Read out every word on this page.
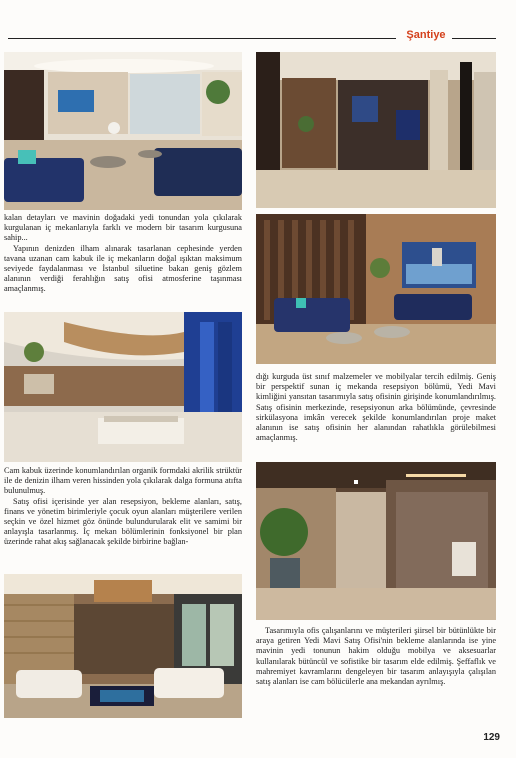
Şantiye

kalan detayları ve mavinin doğadaki yedi tonundan yola çıkılarak kurgulanan iç mekanlarıyla farklı ve modern bir tasarım kurgusuna sahip...

Yapının denizden ilham alınarak tasarlanan cephesinde yerden tavana uzanan cam kabuk ile iç mekanların doğal ışıktan maksimum seviyede faydalanması ve İstanbul siluetine bakan geniş gözlem alanının verdiği ferahlığın satış ofisi atmosferine taşınması amaçlanmış.

dığı kurguda üst sınıf malzemeler ve mobilyalar tercih edilmiş. Geniş bir perspektif sunan iç mekanda resepsiyon bölümü, Yedi Mavi kimliğini yansıtan tasarımıyla satış ofisinin girişinde konumlandırılmış. Satış ofisinin merkezinde, resepsiyonun arka bölümünde, çevresinde sirkülasyona imkân verecek şekilde konumlandırılan proje maket alanının ise satış ofisinin her alanından rahatlıkla görülebilmesi amaçlanmış.

Cam kabuk üzerinde konumlandırılan organik formdaki akrilik strüktür ile de denizin ilham veren hissinden yola çıkılarak dalga formuna atıfta bulunulmuş.

Satış ofisi içerisinde yer alan resepsiyon, bekleme alanları, satış, finans ve yönetim birimleriyle çocuk oyun alanları müşterilere verilen seçkin ve özel hizmet göz önünde bulundurularak elit ve samimi bir anlayışla tasarlanmış. İç mekan bölümlerinin fonksiyonel bir plan üzerinde rahat akış sağlanacak şekilde birbirine bağlan-

Tasarımıyla ofis çalışanlarını ve müşterileri şiirsel bir bütünlükte bir araya getiren Yedi Mavi Satış Ofisi'nin bekleme alanlarında ise yine mavinin yedi tonunun hakim olduğu mobilya ve aksesuarlar kullanılarak bütüncül ve sofistike bir tasarım elde edilmiş. Şeffaflık ve mahremiyet kavramlarını dengeleyen bir tasarım anlayışıyla çalışılan satış alanları ise cam bölücülerle ana mekandan ayrılmış.

129
